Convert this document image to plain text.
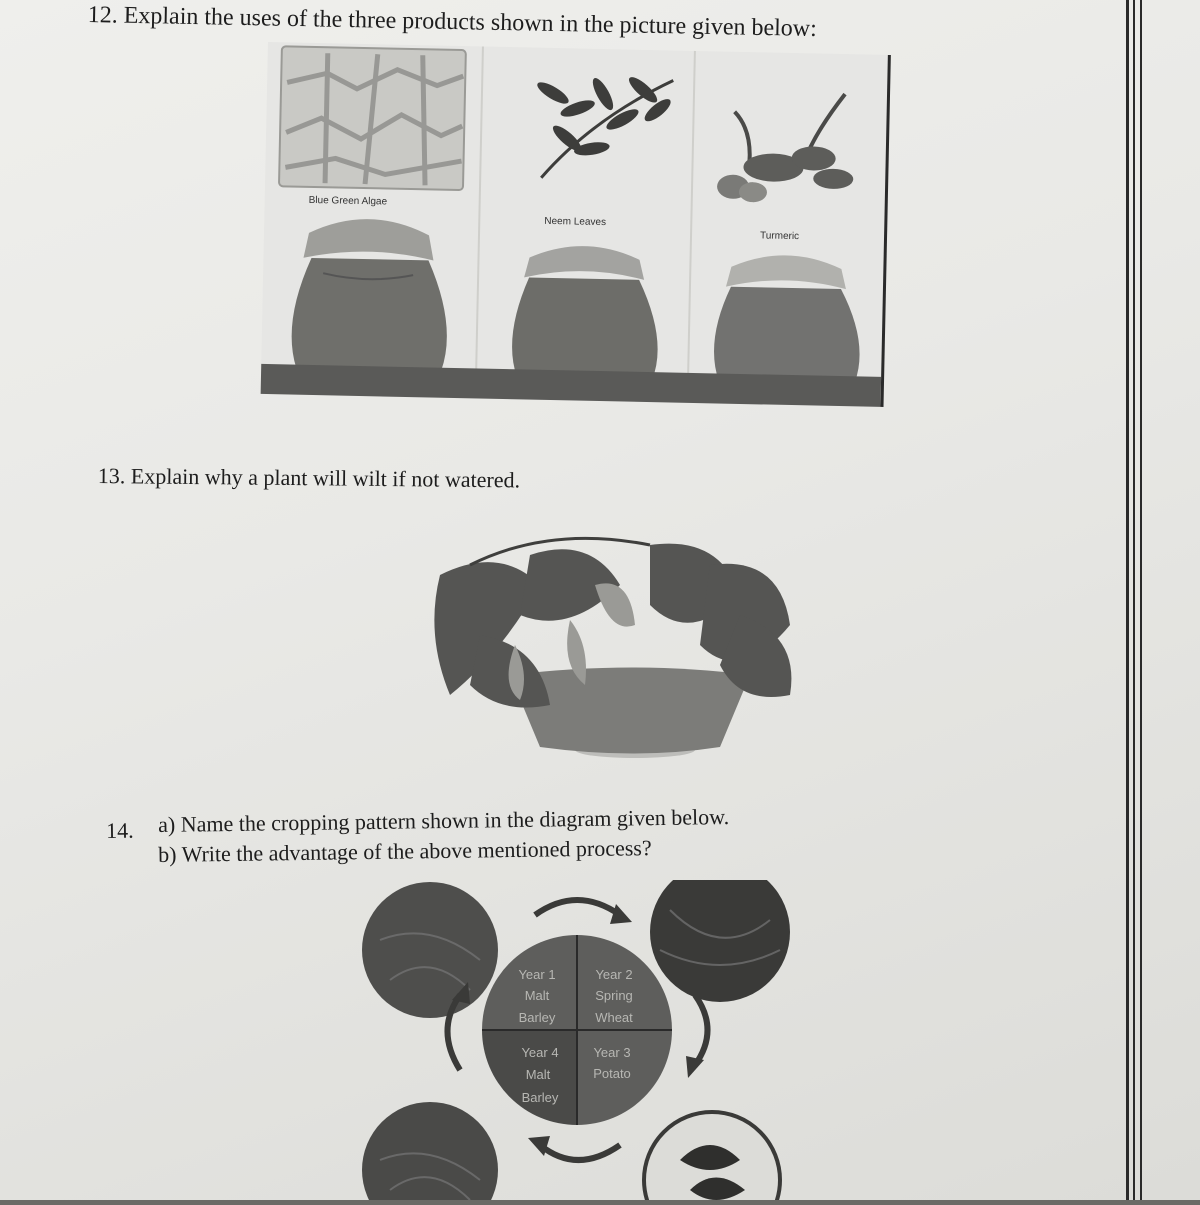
12. Explain the uses of the three products shown in the picture given below:
Blue Green Algae
Neem Leaves
Turmeric
13. Explain why a plant will wilt if not watered.
14. a) Name the cropping pattern shown in the diagram given below.
b) Write the advantage of the above mentioned process?
Year 1
Malt
Barley
Year 2
Spring
Wheat
Year 3
Potato
Year 4
Malt
Barley
